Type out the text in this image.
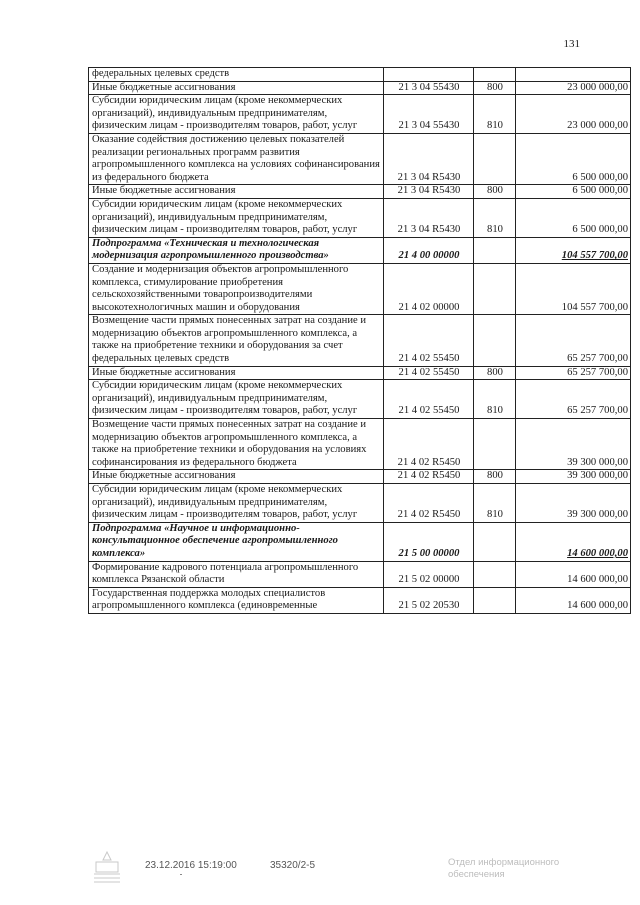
131
федеральных целевых средств			
Иные бюджетные ассигнования	21 3 04 55430	800	23 000 000,00
Субсидии юридическим лицам (кроме некоммерческих организаций), индивидуальным предпринимателям, физическим лицам - производителям товаров, работ, услуг	21 3 04 55430	810	23 000 000,00
Оказание содействия достижению целевых показателей реализации региональных программ развития агропромышленного комплекса на условиях софинансирования из федерального бюджета	21 3 04 R5430		6 500 000,00
Иные бюджетные ассигнования	21 3 04 R5430	800	6 500 000,00
Субсидии юридическим лицам (кроме некоммерческих организаций), индивидуальным предпринимателям, физическим лицам - производителям товаров, работ, услуг	21 3 04 R5430	810	6 500 000,00
Подпрограмма «Техническая и технологическая модернизация агропромышленного производства»	21 4 00 00000		104 557 700,00
Создание и модернизация объектов агропромышленного комплекса, стимулирование приобретения сельскохозяйственными товаропроизводителями высокотехнологичных машин и оборудования	21 4 02 00000		104 557 700,00
Возмещение части прямых понесенных затрат на создание и модернизацию объектов агропромышленного комплекса, а также на приобретение техники и оборудования за счет федеральных целевых средств	21 4 02 55450		65 257 700,00
Иные бюджетные ассигнования	21 4 02 55450	800	65 257 700,00
Субсидии юридическим лицам (кроме некоммерческих организаций), индивидуальным предпринимателям, физическим лицам - производителям товаров, работ, услуг	21 4 02 55450	810	65 257 700,00
Возмещение части прямых понесенных затрат на создание и модернизацию объектов агропромышленного комплекса, а также на приобретение техники и оборудования на условиях софинансирования из федерального бюджета	21 4 02 R5450		39 300 000,00
Иные бюджетные ассигнования	21 4 02 R5450	800	39 300 000,00
Субсидии юридическим лицам (кроме некоммерческих организаций), индивидуальным предпринимателям, физическим лицам - производителям товаров, работ, услуг	21 4 02 R5450	810	39 300 000,00
Подпрограмма «Научное и информационно-консультационное обеспечение агропромышленного комплекса»	21 5 00 00000		14 600 000,00
Формирование кадрового потенциала агропромышленного комплекса Рязанской области	21 5 02 00000		14 600 000,00
Государственная поддержка молодых специалистов агропромышленного комплекса (единовременные	21 5 02 20530		14 600 000,00
23.12.2016 15:19:00	35320/2-5	Отдел информационного обеспечения
